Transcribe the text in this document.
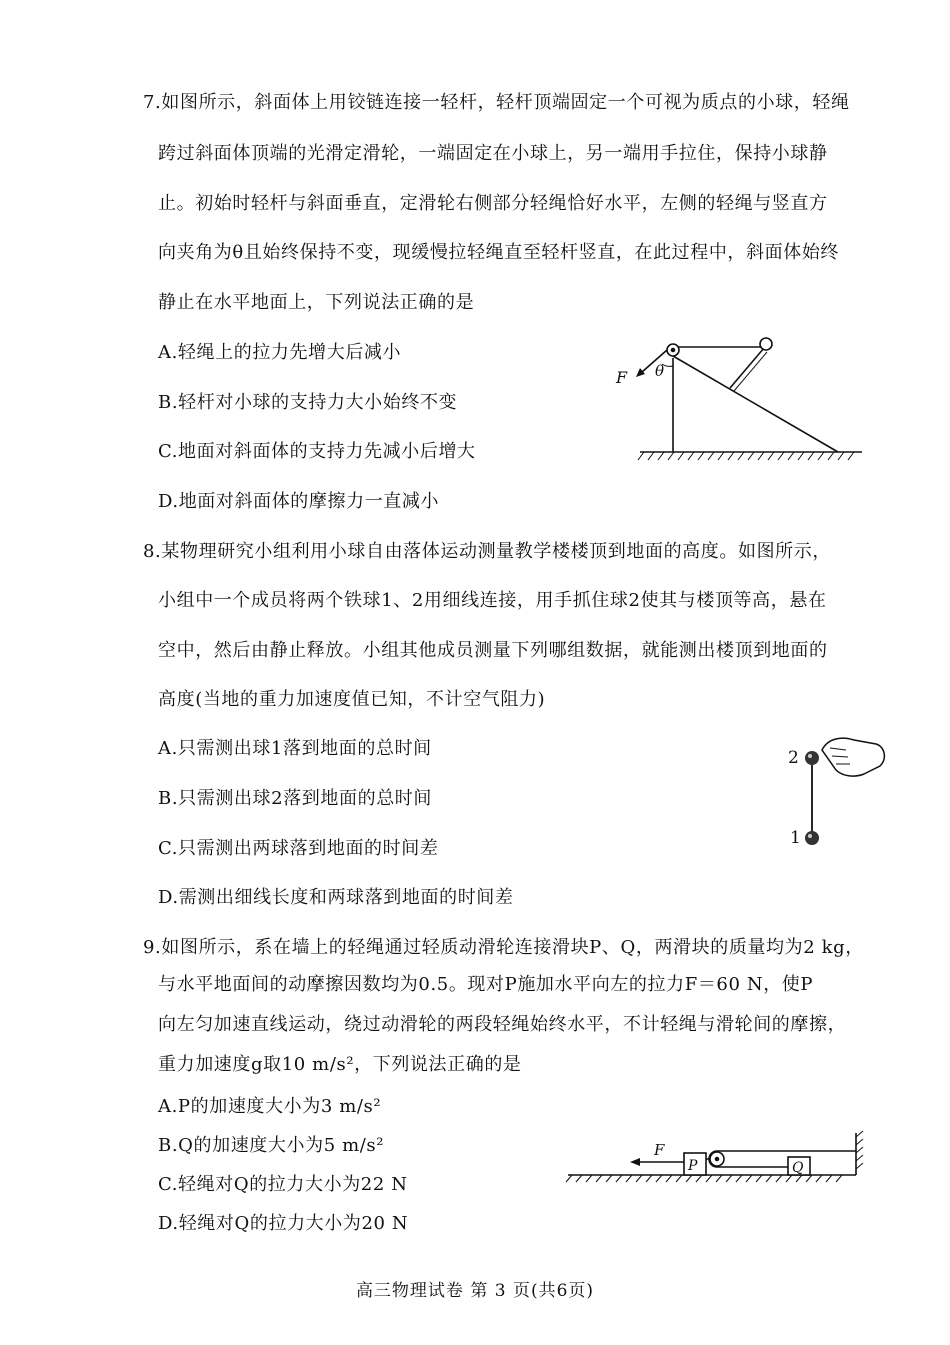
7.如图所示，斜面体上用铰链连接一轻杆，轻杆顶端固定一个可视为质点的小球，轻绳
跨过斜面体顶端的光滑定滑轮，一端固定在小球上，另一端用手拉住，保持小球静
止。初始时轻杆与斜面垂直，定滑轮右侧部分轻绳恰好水平，左侧的轻绳与竖直方
向夹角为θ且始终保持不变，现缓慢拉轻绳直至轻杆竖直，在此过程中，斜面体始终
静止在水平地面上，下列说法正确的是
A.轻绳上的拉力先增大后减小
B.轻杆对小球的支持力大小始终不变
C.地面对斜面体的支持力先减小后增大
D.地面对斜面体的摩擦力一直减小
F θ
8.某物理研究小组利用小球自由落体运动测量教学楼楼顶到地面的高度。如图所示，
小组中一个成员将两个铁球1、2用细线连接，用手抓住球2使其与楼顶等高，悬在
空中，然后由静止释放。小组其他成员测量下列哪组数据，就能测出楼顶到地面的
高度(当地的重力加速度值已知，不计空气阻力)
A.只需测出球1落到地面的总时间
B.只需测出球2落到地面的总时间
C.只需测出两球落到地面的时间差
D.需测出细线长度和两球落到地面的时间差
2
1
9.如图所示，系在墙上的轻绳通过轻质动滑轮连接滑块P、Q，两滑块的质量均为2 kg，
与水平地面间的动摩擦因数均为0.5。现对P施加水平向左的拉力F＝60 N，使P
向左匀加速直线运动，绕过动滑轮的两段轻绳始终水平，不计轻绳与滑轮间的摩擦，
重力加速度g取10 m/s²，下列说法正确的是
A.P的加速度大小为3 m/s²
B.Q的加速度大小为5 m/s²
C.轻绳对Q的拉力大小为22 N
D.轻绳对Q的拉力大小为20 N
F
P	Q
高三物理试卷 第 3 页(共6页)
